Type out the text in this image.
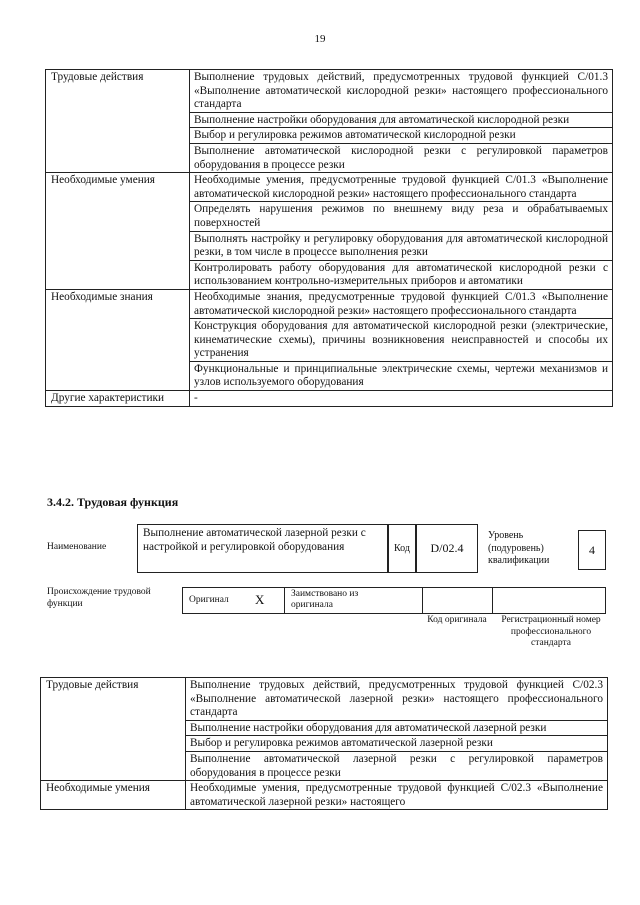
19
Трудовые действия	Выполнение трудовых действий, предусмотренных трудовой функцией С/01.3 «Выполнение автоматической кислородной резки» настоящего профессионального стандарта
	Выполнение настройки оборудования для автоматической кислородной резки
	Выбор и регулировка режимов автоматической кислородной резки
	Выполнение автоматической кислородной резки с регулировкой параметров оборудования в процессе резки
Необходимые умения	Необходимые умения, предусмотренные трудовой функцией С/01.3 «Выполнение автоматической кислородной резки» настоящего профессионального стандарта
	Определять нарушения режимов по внешнему виду реза и обрабатываемых поверхностей
	Выполнять настройку и регулировку оборудования для автоматической кислородной резки, в том числе в процессе выполнения резки
	Контролировать работу оборудования для автоматической кислородной резки с использованием контрольно-измерительных приборов и автоматики
Необходимые знания	Необходимые знания, предусмотренные трудовой функцией С/01.3 «Выполнение автоматической кислородной резки» настоящего профессионального стандарта
	Конструкция оборудования для автоматической кислородной резки (электрические, кинематические схемы), причины возникновения неисправностей и способы их устранения
	Функциональные и принципиальные электрические схемы, чертежи механизмов и узлов используемого оборудования
Другие характеристики	-
3.4.2. Трудовая функция
Наименование
Выполнение автоматической лазерной резки с настройкой и регулировкой оборудования	Код	D/02.4
Уровень (подуровень) квалификации
4
Происхождение трудовой функции	Оригинал X	Заимствовано из оригинала
Код оригинала	Регистрационный номер профессионального стандарта
Трудовые действия	Выполнение трудовых действий, предусмотренных трудовой функцией С/02.3 «Выполнение автоматической лазерной резки» настоящего профессионального стандарта
	Выполнение настройки оборудования для автоматической лазерной резки
	Выбор и регулировка режимов автоматической лазерной резки
	Выполнение автоматической лазерной резки с регулировкой параметров оборудования в процессе резки
Необходимые умения	Необходимые умения, предусмотренные трудовой функцией С/02.3 «Выполнение автоматической лазерной резки» настоящего
